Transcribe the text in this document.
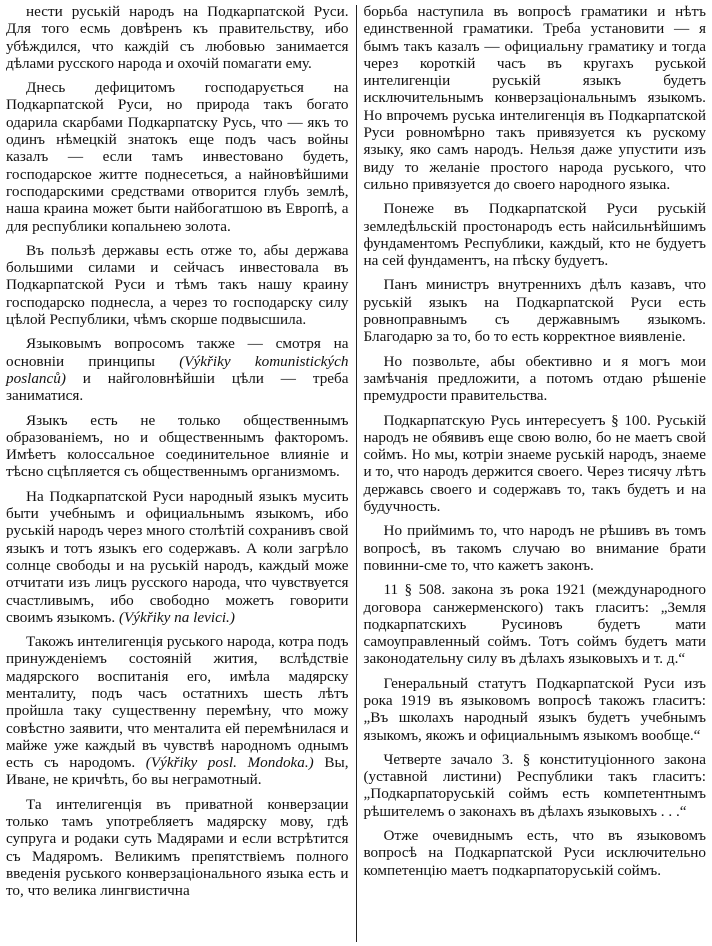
нести руській народъ на Подкарпатской Руси. Для того есмь довѣренъ къ правительству, ибо убѣждился, что каждій съ любовью занимается дѣлами русского народа и охочій помагати ему.

Днесь дефицитомъ господарується на Подкарпатской Руси, но природа такъ богато одарила скарбами Подкарпатску Русь, что — якъ то одинъ нѣмецкій знатокъ еще подъ часъ войны казалъ — если тамъ инвестовано будеть, господарское житте поднесеться, а найновѣйшими господарскими средствами отворится глубъ землѣ, наша краина может быти найбогатшою въ Европѣ, а для республики копальнею золота.

Въ пользѣ державы есть отже то, абы держава большими силами и сейчасъ инвестовала въ Подкарпатской Руси и тѣмъ такъ нашу краину господарско поднесла, а через то господарску силу цѣлой Республики, чѣмъ скорше подвысшила.

Языковымъ вопросомъ также — смотря на основніи принципы (Výkřiky komunistických poslanců) и найголовнѣйшіи цѣли — треба заниматися.

Языкъ есть не только общественнымъ образованіемъ, но и общественнымъ факторомъ. Имѣетъ колоссальное соединительное влияніе и тѣсно сцѣпляется съ общественнымъ организмомъ.

На Подкарпатской Руси народный языкъ мусить быти учебнымъ и официальнымъ языкомъ, ибо руській народъ через много столѣтій сохранивъ свой языкъ и тотъ языкъ его содержавъ. А коли загрѣло солнце свободы и на руській народъ, каждый може отчитати изъ лицъ русского народа, что чувствуется счастливымъ, ибо свободно можетъ говорити своимъ языкомъ. (Výkřiky na levici.)

Такожъ интелигенція руського народа, котра подъ принужденіемъ состояній жития, вслѣдствіе мадярского воспитанія его, имѣла мадярску менталиту, подъ часъ остатнихъ шесть лѣтъ пройшла таку существенну перемѣну, что можу совѣстно заявити, что менталита ей перемѣнилася и майже уже каждый въ чувствѣ народномъ однымъ есть съ народомъ. (Výkřiky posl. Mondoka.) Вы, Иване, не кричѣть, бо вы неграмотный.

Та интелигенція въ приватной конверзации только тамъ употребляетъ мадярску мову, гдѣ супруга и родаки суть Мадярами и если встрѣтится съ Мадяромъ. Великимъ препятствіемъ полного введенія руського конверзаціонального языка есть и то, что велика лингвистична

борьба наступила въ вопросѣ граматики и нѣтъ единственной граматики. Треба установити — я бымъ такъ казалъ — официальну граматику и тогда через короткій часъ въ кругахъ руськой интелигенціи руській языкъ будетъ исключительнымъ конверзаціональнымъ языкомъ. Но впрочемъ руська интелигенція въ Подкарпатской Руси ровномѣрно такъ привязуется къ рускому языку, яко самъ народъ. Нельзя даже упустити изъ виду то желаніе простого народа руського, что сильно привязуется до своего народного языка.

Понеже въ Подкарпатской Руси руській земледѣльскій простонародъ есть найсильнѣйшимъ фундаментомъ Республики, каждый, кто не будуетъ на сей фундаментъ, на пѣску будуетъ.

Панъ министръ внутреннихъ дѣлъ казавъ, что руській языкъ на Подкарпатской Руси есть ровноправнымъ съ державнымъ языкомъ. Благодарю за то, бо то есть корректное виявленіе.

Но позвольте, абы обективно и я могъ мои замѣчанія предложити, а потомъ отдаю рѣшеніе премудрости правительства.

Подкарпатскую Русь интересуетъ § 100. Руській народъ не обявивъ еще свою волю, бо не маетъ свой соймъ. Но мы, котріи знаеме руській народъ, знаеме и то, что народъ держится своего. Через тисячу лѣтъ державсь своего и содержавъ то, такъ будетъ и на будучность.

Но приймимъ то, что народъ не рѣшивъ въ томъ вопросѣ, въ такомъ случаю во внимание брати повинни-сме то, что кажетъ законъ.

11 § 508. закона зъ рока 1921 (международного договора санжерменского) такъ гласитъ: „Земля подкарпатскихъ Русиновъ будетъ мати самоуправленный соймъ. Тотъ соймъ будетъ мати законодательну силу въ дѣлахъ языковыхъ и т. д.“

Генеральный статутъ Подкарпатской Руси изъ рока 1919 въ языковомъ вопросѣ такожъ гласитъ: „Въ школахъ народный языкъ будетъ учебнымъ языкомъ, якожъ и официальнымъ языкомъ вообще.“

Четверте зачало 3. § конституціонного закона (уставной листини) Республики такъ гласитъ: „Подкарпаторуській соймъ есть компетентнымъ рѣшителемъ о законахъ въ дѣлахъ языковыхъ . . .“

Отже очевиднымъ есть, что въ языковомъ вопросѣ на Подкарпатской Руси исключительно компетенцію маетъ подкарпаторуській соймъ.
